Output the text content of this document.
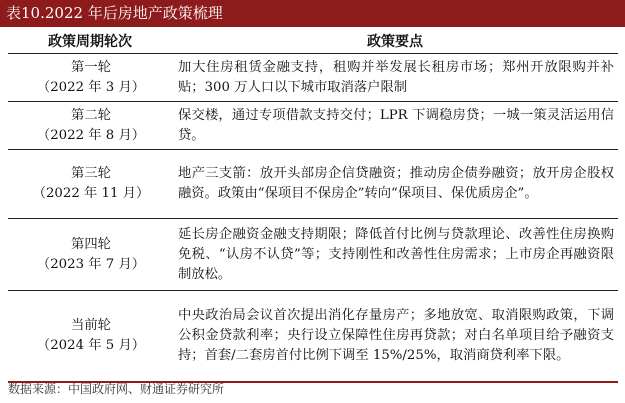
表10.2022 年后房地产政策梳理
政策周期轮次	政策要点

第一轮
（2022 年 3 月）	加大住房租赁金融支持，租购并举发展长租房市场；郑州开放限购并补贴；300 万人口以下城市取消落户限制

第二轮
（2022 年 8 月）	保交楼，通过专项借款支持交付；LPR 下调稳房贷；一城一策灵活运用信贷。

第三轮
（2022 年 11 月）	地产三支箭：放开头部房企信贷融资；推动房企债券融资；放开房企股权融资。政策由“保项目不保房企”转向“保项目、保优质房企”。

第四轮
（2023 年 7 月）	延长房企融资金融支持期限；降低首付比例与贷款理论、改善性住房换购免税、“认房不认贷”等；支持刚性和改善性住房需求；上市房企再融资限制放松。

当前轮
（2024 年 5 月）	中央政治局会议首次提出消化存量房产；多地放宽、取消限购政策，下调公积金贷款利率；央行设立保障性住房再贷款；对白名单项目给予融资支持；首套/二套房首付比例下调至 15%/25%，取消商贷利率下限。
数据来源：中国政府网、财通证券研究所
